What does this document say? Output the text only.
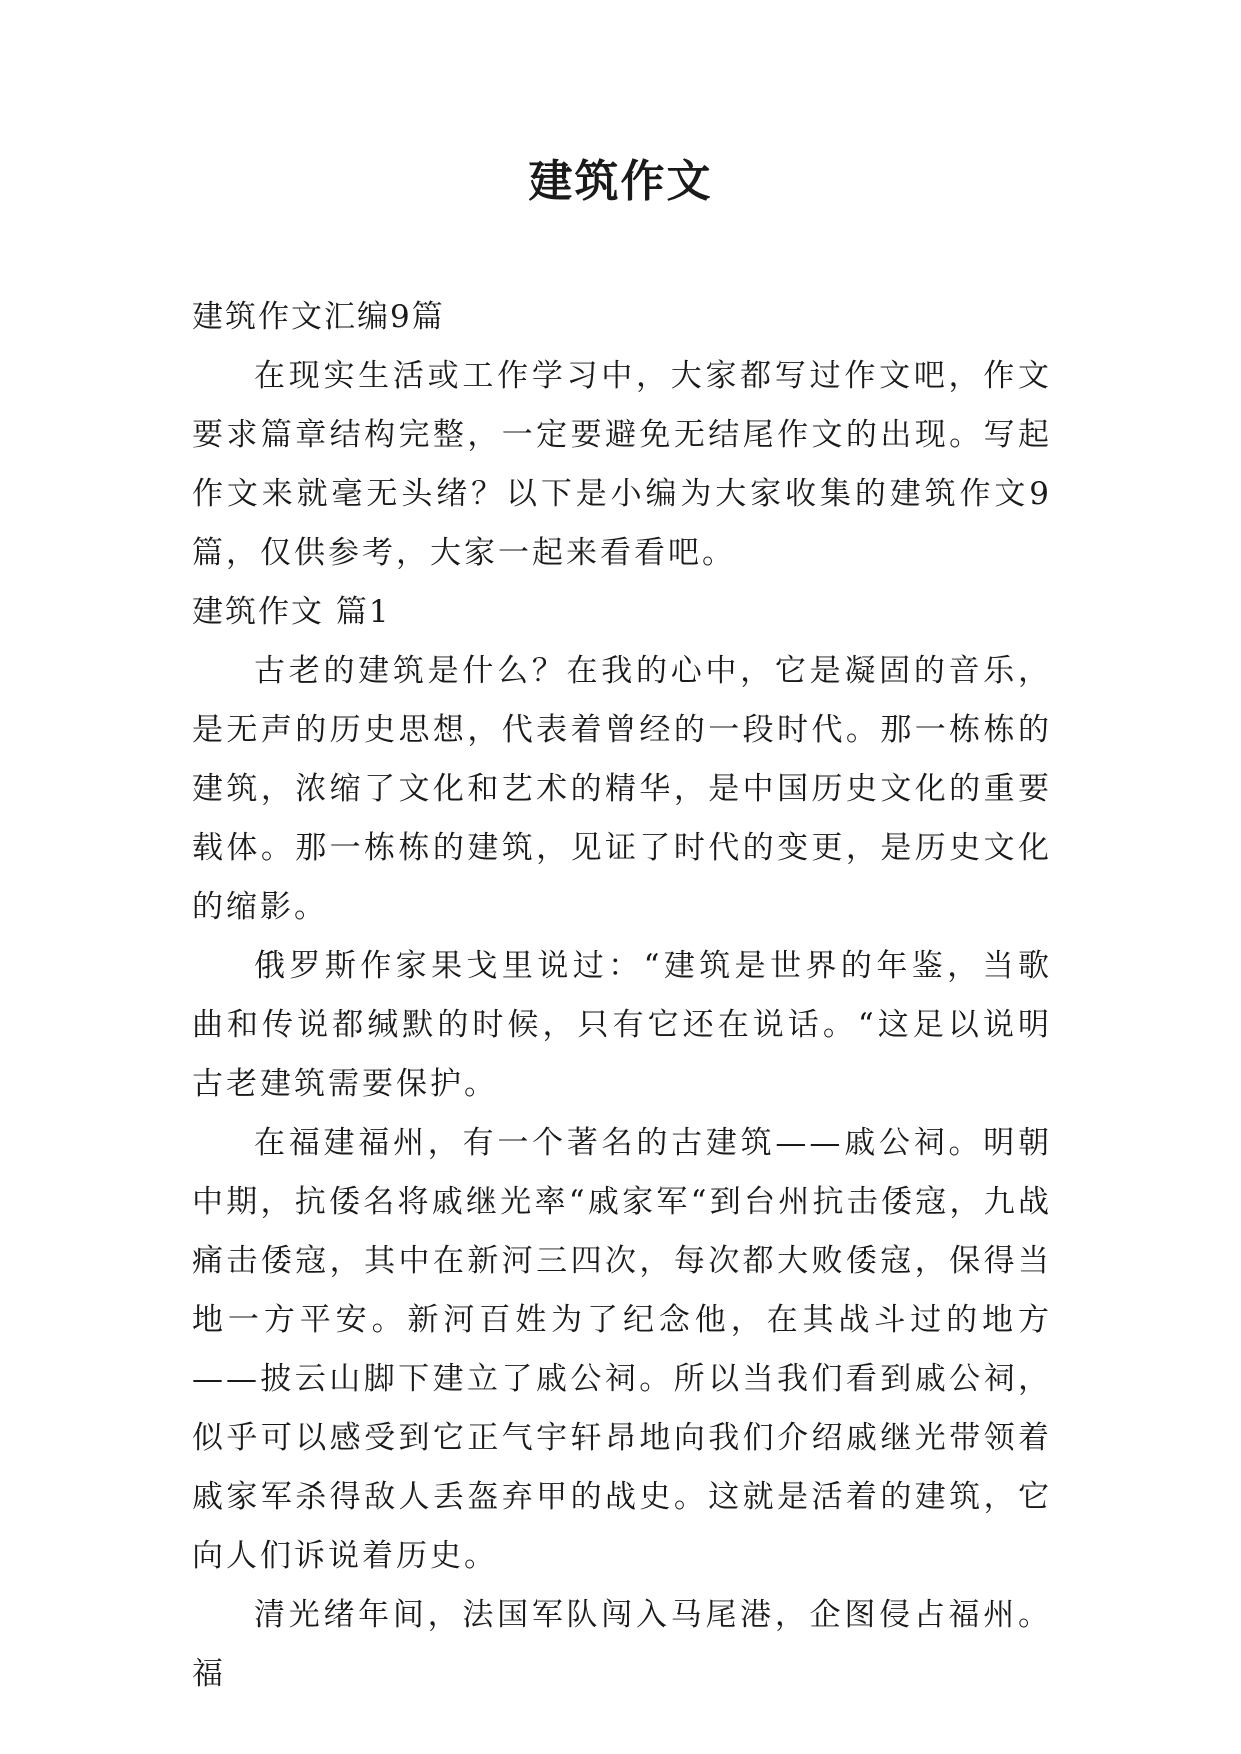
建筑作文

建筑作文汇编9篇

在现实生活或工作学习中，大家都写过作文吧，作文要求篇章结构完整，一定要避免无结尾作文的出现。写起作文来就毫无头绪？以下是小编为大家收集的建筑作文9篇，仅供参考，大家一起来看看吧。

建筑作文 篇1

古老的建筑是什么？在我的心中，它是凝固的音乐，是无声的历史思想，代表着曾经的一段时代。那一栋栋的建筑，浓缩了文化和艺术的精华，是中国历史文化的重要载体。那一栋栋的建筑，见证了时代的变更，是历史文化的缩影。

俄罗斯作家果戈里说过：“建筑是世界的年鉴，当歌曲和传说都缄默的时候，只有它还在说话。“这足以说明古老建筑需要保护。

在福建福州，有一个著名的古建筑——戚公祠。明朝中期，抗倭名将戚继光率“戚家军“到台州抗击倭寇，九战痛击倭寇，其中在新河三四次，每次都大败倭寇，保得当地一方平安。新河百姓为了纪念他，在其战斗过的地方——披云山脚下建立了戚公祠。所以当我们看到戚公祠，似乎可以感受到它正气宇轩昂地向我们介绍戚继光带领着戚家军杀得敌人丢盔弃甲的战史。这就是活着的建筑，它向人们诉说着历史。

清光绪年间，法国军队闯入马尾港，企图侵占福州。福
